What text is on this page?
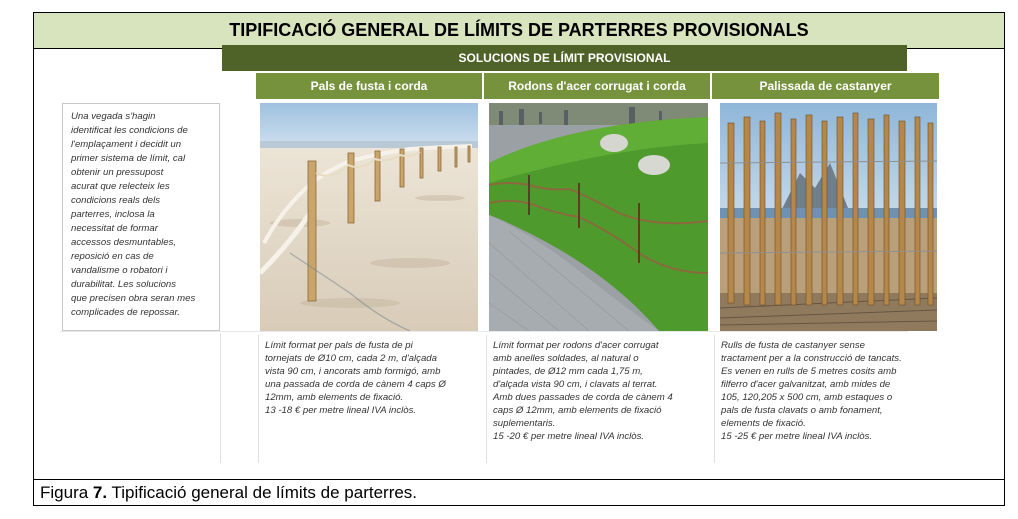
TIPIFICACIÓ GENERAL DE LÍMITS DE PARTERRES PROVISIONALS
Figura 7. Tipificació general de límits de parterres.
SOLUCIONS DE LÍMIT PROVISIONAL
Pals de fusta i corda	Rodons d'acer corrugat i corda	Palissada de castanyer
Una vegada s'hagin
identificat les condicions de
l'emplaçament i decidit un
primer sistema de límit, cal
obtenir un pressupost
acurat que relecteix les
condicions reals dels
parterres, inclosa la
necessitat de formar
accessos desmuntables,
reposició en cas de
vandalisme o robatori i
durabilitat. Les solucions
que precisen obra seran mes
complicades de repossar.
Límit format per pals de fusta de pi
tornejats de Ø10 cm, cada 2 m, d'alçada
vista 90 cm, i ancorats amb formigó, amb
una passada de corda de cànem 4 caps Ø
12mm, amb elements de fixació.
13 -18 € per metre lineal IVA inclòs.
Límit format per rodons d'acer corrugat
amb anelles soldades, al natural o
pintades, de Ø12 mm cada 1,75 m,
d'alçada vista 90 cm, i clavats al terrat.
Amb dues passades de corda de cànem 4
caps Ø 12mm, amb elements de fixació
suplementaris.
15 -20 € per metre lineal IVA inclòs.
Rulls de fusta de castanyer sense
tractament per a la construcció de tancats.
Es venen en rulls de 5 metres cosits amb
filferro d'acer galvanitzat, amb mides de
105, 120,205 x 500 cm, amb estaques o
pals de fusta clavats o amb fonament,
elements de fixació.
15 -25 € per metre lineal IVA inclòs.
